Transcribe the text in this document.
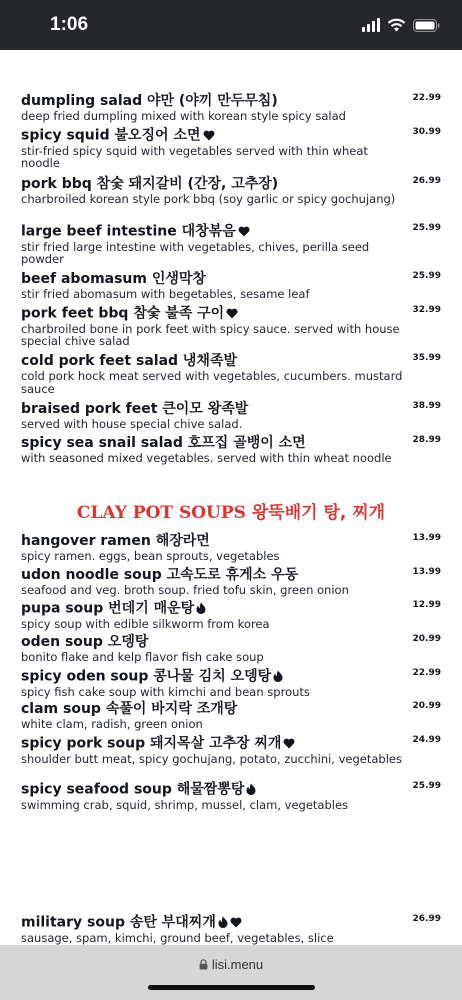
1:06
dumpling salad 야만 (야끼 만두무침)
deep fried dumpling mixed with korean style spicy salad
22.99
spicy squid 불오징어 소면
stir-fried spicy squid with vegetables served with thin wheat noodle
30.99
pork bbq 참숯 돼지갈비 (간장, 고추장)
charbroiled korean style pork bbq (soy garlic or spicy gochujang)
26.99
large beef intestine 대창볶음
stir fried large intestine with vegetables, chives, perilla seed powder
25.99
beef abomasum 인생막창
stir fried abomasum with begetables, sesame leaf
25.99
pork feet bbq 참숯 불족 구이
charbroiled bone in pork feet with spicy sauce. served with house special chive salad
32.99
cold pork feet salad 냉채족발
cold pork hock meat served with vegetables, cucumbers. mustard sauce
35.99
braised pork feet 큰이모 왕족발
served with house special chive salad.
38.99
spicy sea snail salad 호프집 골뱅이 소면
with seasoned mixed vegetables. served with thin wheat noodle
28.99
CLAY POT SOUPS 왕뚝배기 탕, 찌개
hangover ramen 해장라면
spicy ramen. eggs, bean sprouts, vegetables
13.99
udon noodle soup 고속도로 휴게소 우동
seafood and veg. broth soup. fried tofu skin, green onion
13.99
pupa soup 번데기 매운탕
spicy soup with edible silkworm from korea
12.99
oden soup 오뎅탕
bonito flake and kelp flavor fish cake soup
20.99
spicy oden soup 콩나물 김치 오뎅탕
spicy fish cake soup with kimchi and bean sprouts
22.99
clam soup 속풀이 바지락 조개탕
white clam, radish, green onion
20.99
spicy pork soup 돼지목살 고추장 찌개
shoulder butt meat, spicy gochujang, potato, zucchini, vegetables
24.99
spicy seafood soup 해물짬뽕탕
swimming crab, squid, shrimp, mussel, clam, vegetables
25.99
military soup 송탄 부대찌개
sausage, spam, kimchi, ground beef, vegetables, slice
26.99
lisi.menu
